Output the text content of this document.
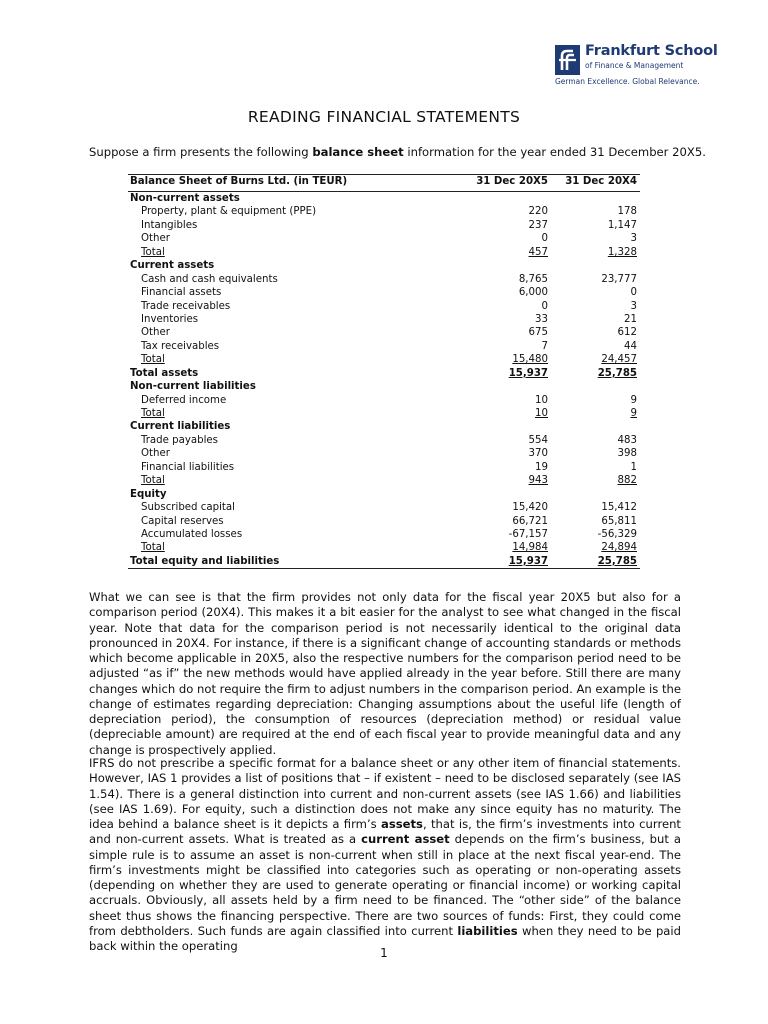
Frankfurt School
of Finance & Management
German Excellence. Global Relevance.
READING FINANCIAL STATEMENTS
Suppose a firm presents the following balance sheet information for the year ended 31 December 20X5.
Balance Sheet of Burns Ltd. (in TEUR)	31 Dec 20X5 31 Dec 20X4
Non-current assets
Property, plant & equipment (PPE)	220	178
Intangibles	237	1,147
Other	0	3
Total	457	1,328
Current assets
Cash and cash equivalents	8,765	23,777
Financial assets	6,000	0
Trade receivables	0	3
Inventories	33	21
Other	675	612
Tax receivables	7	44
Total	15,480	24,457
Total assets	15,937	25,785
Non-current liabilities
Deferred income	10	9
Total	10	9
Current liabilities
Trade payables	554	483
Other	370	398
Financial liabilities	19	1
Total	943	882
Equity
Subscribed capital	15,420	15,412
Capital reserves	66,721	65,811
Accumulated losses	-67,157	-56,329
Total	14,984	24,894
Total equity and liabilities	15,937	25,785

What we can see is that the firm provides not only data for the fiscal year 20X5 but also for a comparison period (20X4). This makes it a bit easier for the analyst to see what changed in the fiscal year. Note that data for the comparison period is not necessarily identical to the original data pronounced in 20X4. For instance, if there is a significant change of accounting standards or methods which become applicable in 20X5, also the respective numbers for the comparison period need to be adjusted “as if” the new methods would have applied already in the year before. Still there are many changes which do not require the firm to adjust numbers in the comparison period. An example is the change of estimates regarding depreciation: Changing assumptions about the useful life (length of depreciation period), the consumption of resources (depreciation method) or residual value (depreciable amount) are required at the end of each fiscal year to provide meaningful data and any change is prospectively applied.

IFRS do not prescribe a specific format for a balance sheet or any other item of financial statements. However, IAS 1 provides a list of positions that – if existent – need to be disclosed separately (see IAS 1.54). There is a general distinction into current and non-current assets (see IAS 1.66) and liabilities (see IAS 1.69). For equity, such a distinction does not make any since equity has no maturity. The idea behind a balance sheet is it depicts a firm’s assets, that is, the firm’s investments into current and non-current assets. What is treated as a current asset depends on the firm’s business, but a simple rule is to assume an asset is non-current when still in place at the next fiscal year-end. The firm’s investments might be classified into categories such as operating or non-operating assets (depending on whether they are used to generate operating or financial income) or working capital accruals. Obviously, all assets held by a firm need to be financed. The “other side” of the balance sheet thus shows the financing perspective. There are two sources of funds: First, they could come from debtholders. Such funds are again classified into current liabilities when they need to be paid back within the operating	1
